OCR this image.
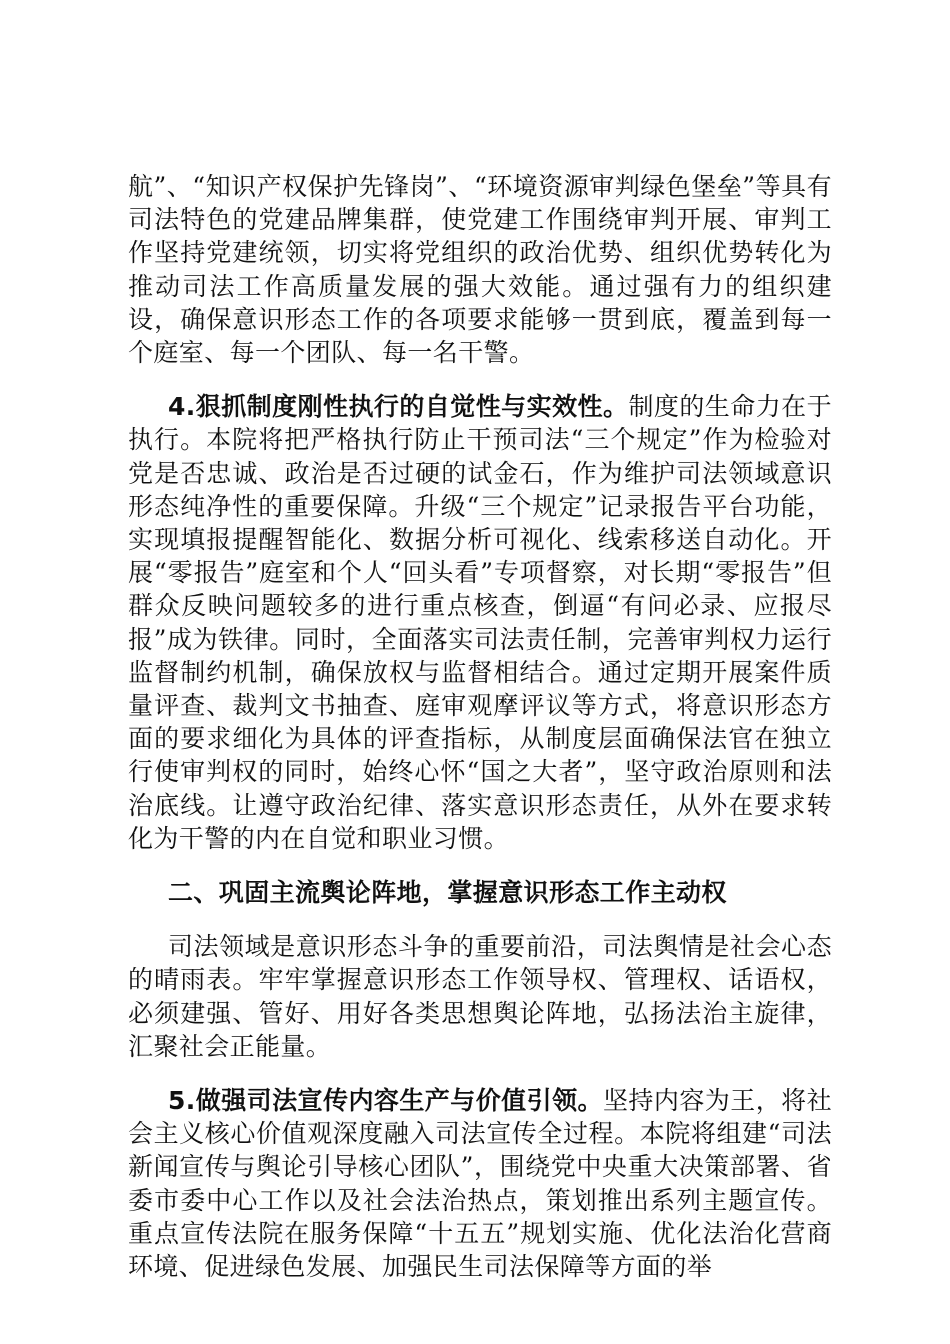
航”、“知识产权保护先锋岗”、“环境资源审判绿色堡垒”等具有司法特色的党建品牌集群，使党建工作围绕审判开展、审判工作坚持党建统领，切实将党组织的政治优势、组织优势转化为推动司法工作高质量发展的强大效能。通过强有力的组织建设，确保意识形态工作的各项要求能够一贯到底，覆盖到每一个庭室、每一个团队、每一名干警。

4.狠抓制度刚性执行的自觉性与实效性。制度的生命力在于执行。本院将把严格执行防止干预司法“三个规定”作为检验对党是否忠诚、政治是否过硬的试金石，作为维护司法领域意识形态纯净性的重要保障。升级“三个规定”记录报告平台功能，实现填报提醒智能化、数据分析可视化、线索移送自动化。开展“零报告”庭室和个人“回头看”专项督察，对长期“零报告”但群众反映问题较多的进行重点核查，倒逼“有问必录、应报尽报”成为铁律。同时，全面落实司法责任制，完善审判权力运行监督制约机制，确保放权与监督相结合。通过定期开展案件质量评查、裁判文书抽查、庭审观摩评议等方式，将意识形态方面的要求细化为具体的评查指标，从制度层面确保法官在独立行使审判权的同时，始终心怀“国之大者”，坚守政治原则和法治底线。让遵守政治纪律、落实意识形态责任，从外在要求转化为干警的内在自觉和职业习惯。

二、巩固主流舆论阵地，掌握意识形态工作主动权

司法领域是意识形态斗争的重要前沿，司法舆情是社会心态的晴雨表。牢牢掌握意识形态工作领导权、管理权、话语权，必须建强、管好、用好各类思想舆论阵地，弘扬法治主旋律，汇聚社会正能量。

5.做强司法宣传内容生产与价值引领。坚持内容为王，将社会主义核心价值观深度融入司法宣传全过程。本院将组建“司法新闻宣传与舆论引导核心团队”，围绕党中央重大决策部署、省委市委中心工作以及社会法治热点，策划推出系列主题宣传。重点宣传法院在服务保障“十五五”规划实施、优化法治化营商环境、促进绿色发展、加强民生司法保障等方面的举
